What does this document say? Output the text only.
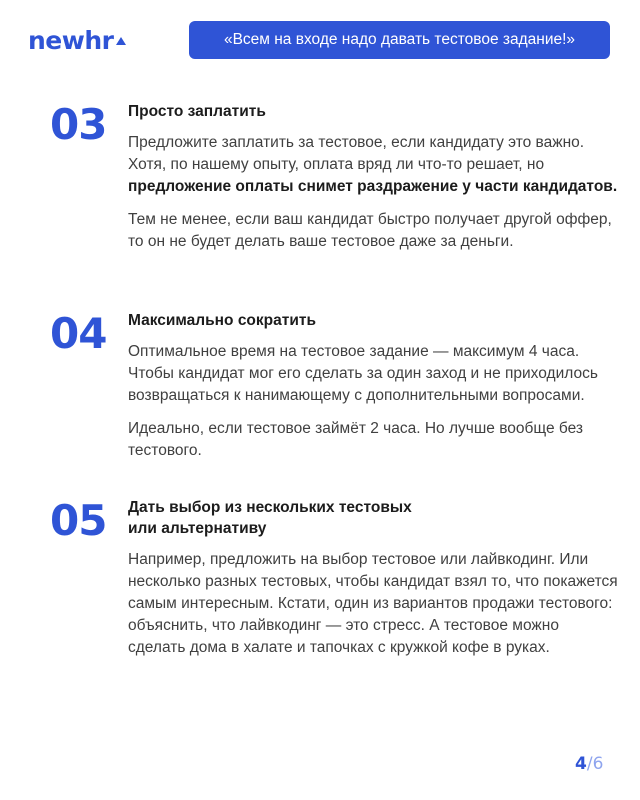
newhr	«Всем на входе надо давать тестовое задание!»
03 Просто заплатить

Предложите заплатить за тестовое, если кандидату это важно. Хотя, по нашему опыту, оплата вряд ли что-то решает, но предложение оплаты снимет раздражение у части кандидатов.

Тем не менее, если ваш кандидат быстро получает другой оффер, то он не будет делать ваше тестовое даже за деньги.

04 Максимально сократить

Оптимальное время на тестовое задание — максимум 4 часа. Чтобы кандидат мог его сделать за один заход и не приходилось возвращаться к нанимающему с дополнительными вопросами.

Идеально, если тестовое займёт 2 часа. Но лучше вообще без тестового.

05 Дать выбор из нескольких тестовых
или альтернативу

Например, предложить на выбор тестовое или лайвкодинг. Или несколько разных тестовых, чтобы кандидат взял то, что покажется самым интересным. Кстати, один из вариантов продажи тестового: объяснить, что лайвкодинг — это стресс. А тестовое можно сделать дома в халате и тапочках с кружкой кофе в руках.

4/6
